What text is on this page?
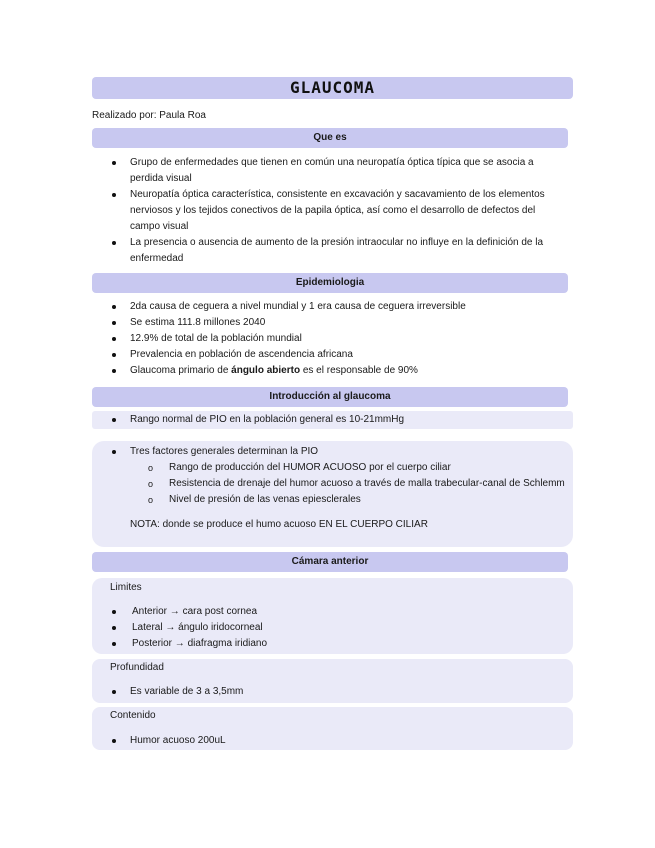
GLAUCOMA
Realizado por: Paula Roa
Que es
Grupo de enfermedades que tienen en común una neuropatía óptica típica que se asocia a perdida visual
Neuropatía óptica característica, consistente en excavación y sacavamiento de los elementos nerviosos y los tejidos conectivos de la papila óptica, así como el desarrollo de defectos del campo visual
La presencia o ausencia de aumento de la presión intraocular no influye en la definición de la enfermedad
Epidemiologia
2da causa de ceguera a nivel mundial y 1 era causa de ceguera irreversible
Se estima 111.8 millones 2040
12.9% de total de la población mundial
Prevalencia en población de ascendencia africana
Glaucoma primario de ángulo abierto es el responsable de 90%
Introducción al glaucoma
Rango normal de PIO en la población general es 10-21mmHg
Tres factores generales determinan la PIO
o Rango de producción del HUMOR ACUOSO por el cuerpo ciliar
o Resistencia de drenaje del humor acuoso a través de malla trabecular-canal de Schlemm
o Nivel de presión de las venas epiesclerales
NOTA: donde se produce el humo acuoso EN EL CUERPO CILIAR
Cámara anterior
Limites
Anterior → cara post cornea
Lateral → ángulo iridocorneal
Posterior → diafragma iridiano
Profundidad
Es variable de 3 a 3,5mm
Contenido
Humor acuoso 200uL
